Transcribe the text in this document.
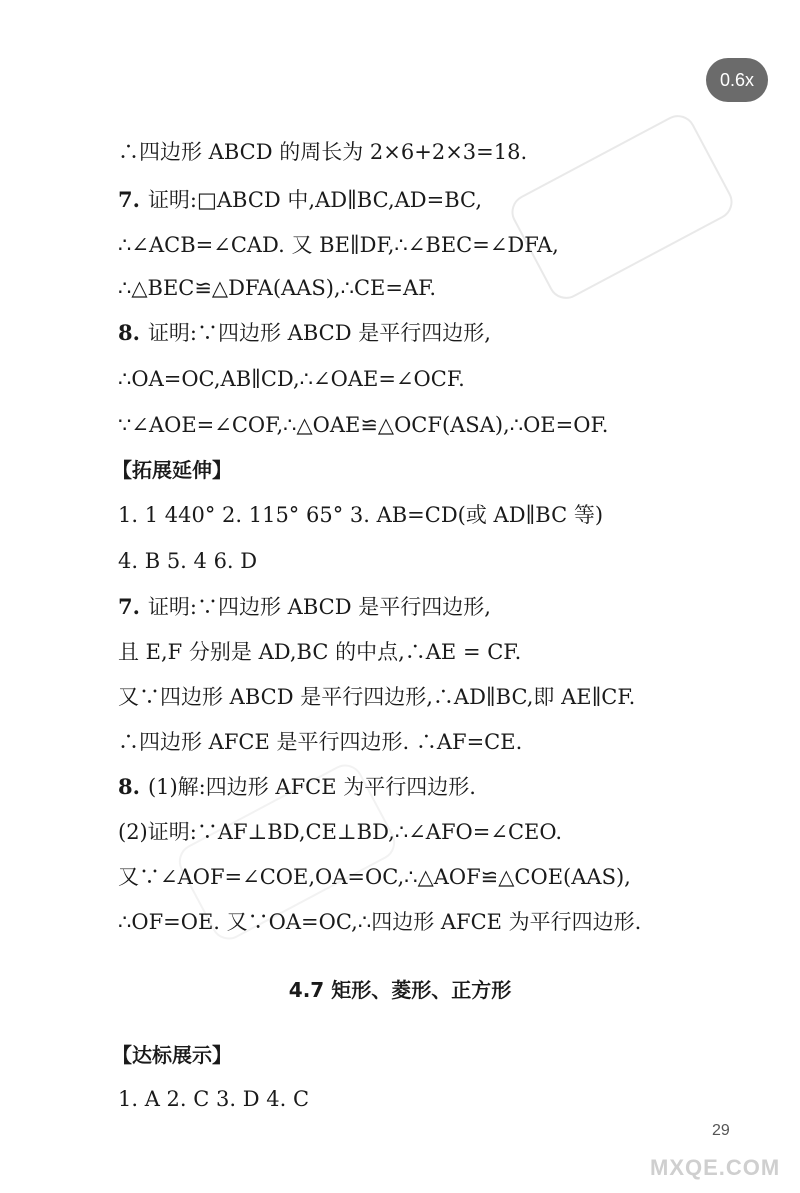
0.6x
∴四边形 ABCD 的周长为 2×6+2×3=18.
7. 证明:□ABCD 中,AD∥BC,AD=BC,
∴∠ACB=∠CAD. 又 BE∥DF,∴∠BEC=∠DFA,
∴△BEC≌△DFA(AAS),∴CE=AF.
8. 证明:∵四边形 ABCD 是平行四边形,
∴OA=OC,AB∥CD,∴∠OAE=∠OCF.
∵∠AOE=∠COF,∴△OAE≌△OCF(ASA),∴OE=OF.
【拓展延伸】
1. 1 440° 2. 115° 65° 3. AB=CD(或 AD∥BC 等)
4. B 5. 4 6. D
7. 证明:∵四边形 ABCD 是平行四边形,
且 E,F 分别是 AD,BC 的中点,∴AE = CF.
又∵四边形 ABCD 是平行四边形,∴AD∥BC,即 AE∥CF.
∴四边形 AFCE 是平行四边形. ∴AF=CE.
8. (1)解:四边形 AFCE 为平行四边形.
(2)证明:∵AF⊥BD,CE⊥BD,∴∠AFO=∠CEO.
又∵∠AOF=∠COE,OA=OC,∴△AOF≌△COE(AAS),
∴OF=OE. 又∵OA=OC,∴四边形 AFCE 为平行四边形.
4.7 矩形、菱形、正方形
【达标展示】
1. A 2. C 3. D 4. C
29
MXQE.COM
